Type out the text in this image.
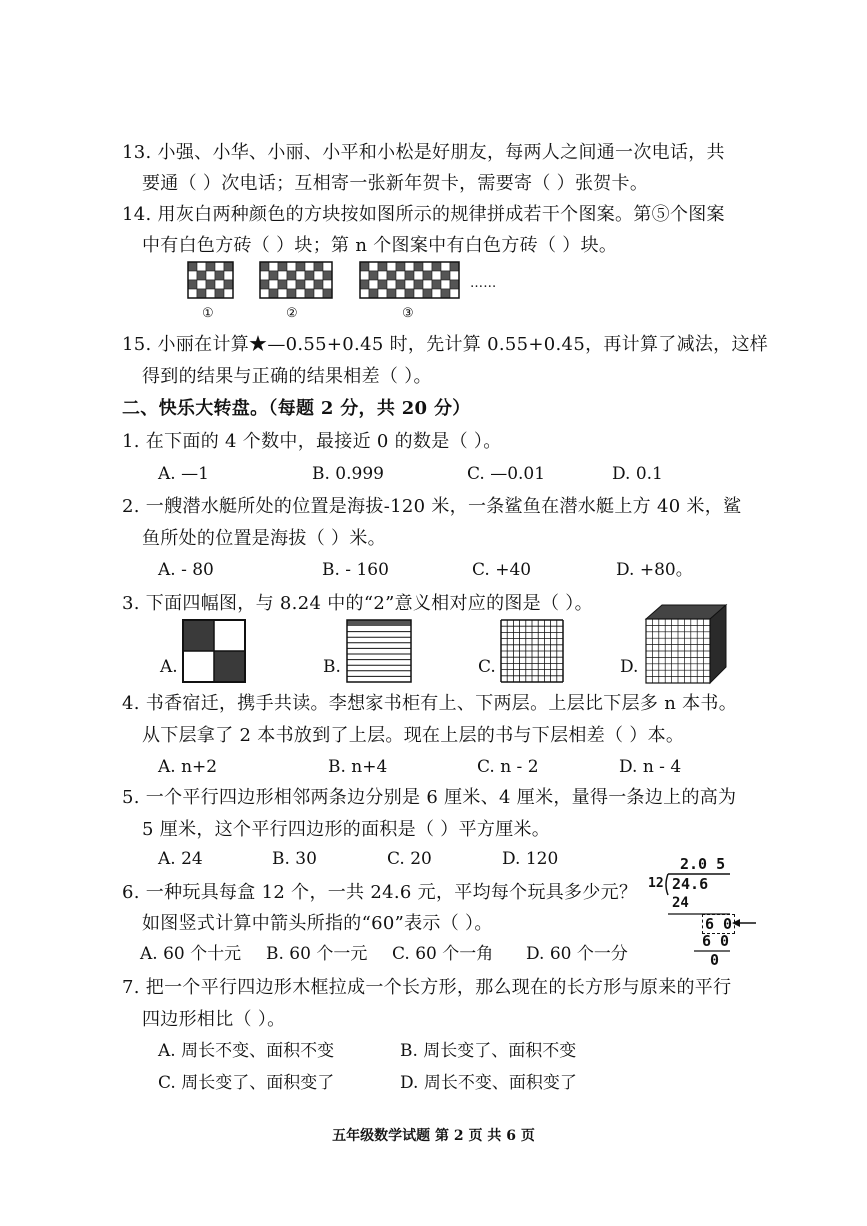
13. 小强、小华、小丽、小平和小松是好朋友，每两人之间通一次电话，共
要通（ ）次电话；互相寄一张新年贺卡，需要寄（ ）张贺卡。
14. 用灰白两种颜色的方块按如图所示的规律拼成若干个图案。第⑤个图案
中有白色方砖（ ）块；第 n 个图案中有白色方砖（ ）块。
①	②	③
……
15. 小丽在计算★—0.55+0.45 时，先计算 0.55+0.45，再计算了减法，这样
得到的结果与正确的结果相差（ ）。
二、快乐大转盘。（每题 2 分，共 20 分）
1. 在下面的 4 个数中，最接近 0 的数是（ ）。
A. —1	B. 0.999	C. —0.01	D. 0.1
2. 一艘潜水艇所处的位置是海拔-120 米，一条鲨鱼在潜水艇上方 40 米，鲨
鱼所处的位置是海拔（ ）米。
A. - 80	B. - 160	C. +40	D. +80。
3. 下面四幅图，与 8.24 中的“2”意义相对应的图是（ ）。
A.	B.	C.	D.
4. 书香宿迁，携手共读。李想家书柜有上、下两层。上层比下层多 n 本书。
从下层拿了 2 本书放到了上层。现在上层的书与下层相差（ ）本。
A. n+2	B. n+4	C. n - 2	D. n - 4
5. 一个平行四边形相邻两条边分别是 6 厘米、4 厘米，量得一条边上的高为
5 厘米，这个平行四边形的面积是（ ）平方厘米。
A. 24	B. 30	C. 20	D. 120
6. 一种玩具每盒 12 个，一共 24.6 元，平均每个玩具多少元？
如图竖式计算中箭头所指的“60”表示（ ）。
A. 60 个十元 B. 60 个一元 C. 60 个一角 D. 60 个一分
2.0 5
12 24.6
24
6 0
6 0
0
7. 把一个平行四边形木框拉成一个长方形，那么现在的长方形与原来的平行
四边形相比（ ）。
A. 周长不变、面积不变	B. 周长变了、面积不变
C. 周长变了、面积变了	D. 周长不变、面积变了
五年级数学试题 第 2 页 共 6 页
